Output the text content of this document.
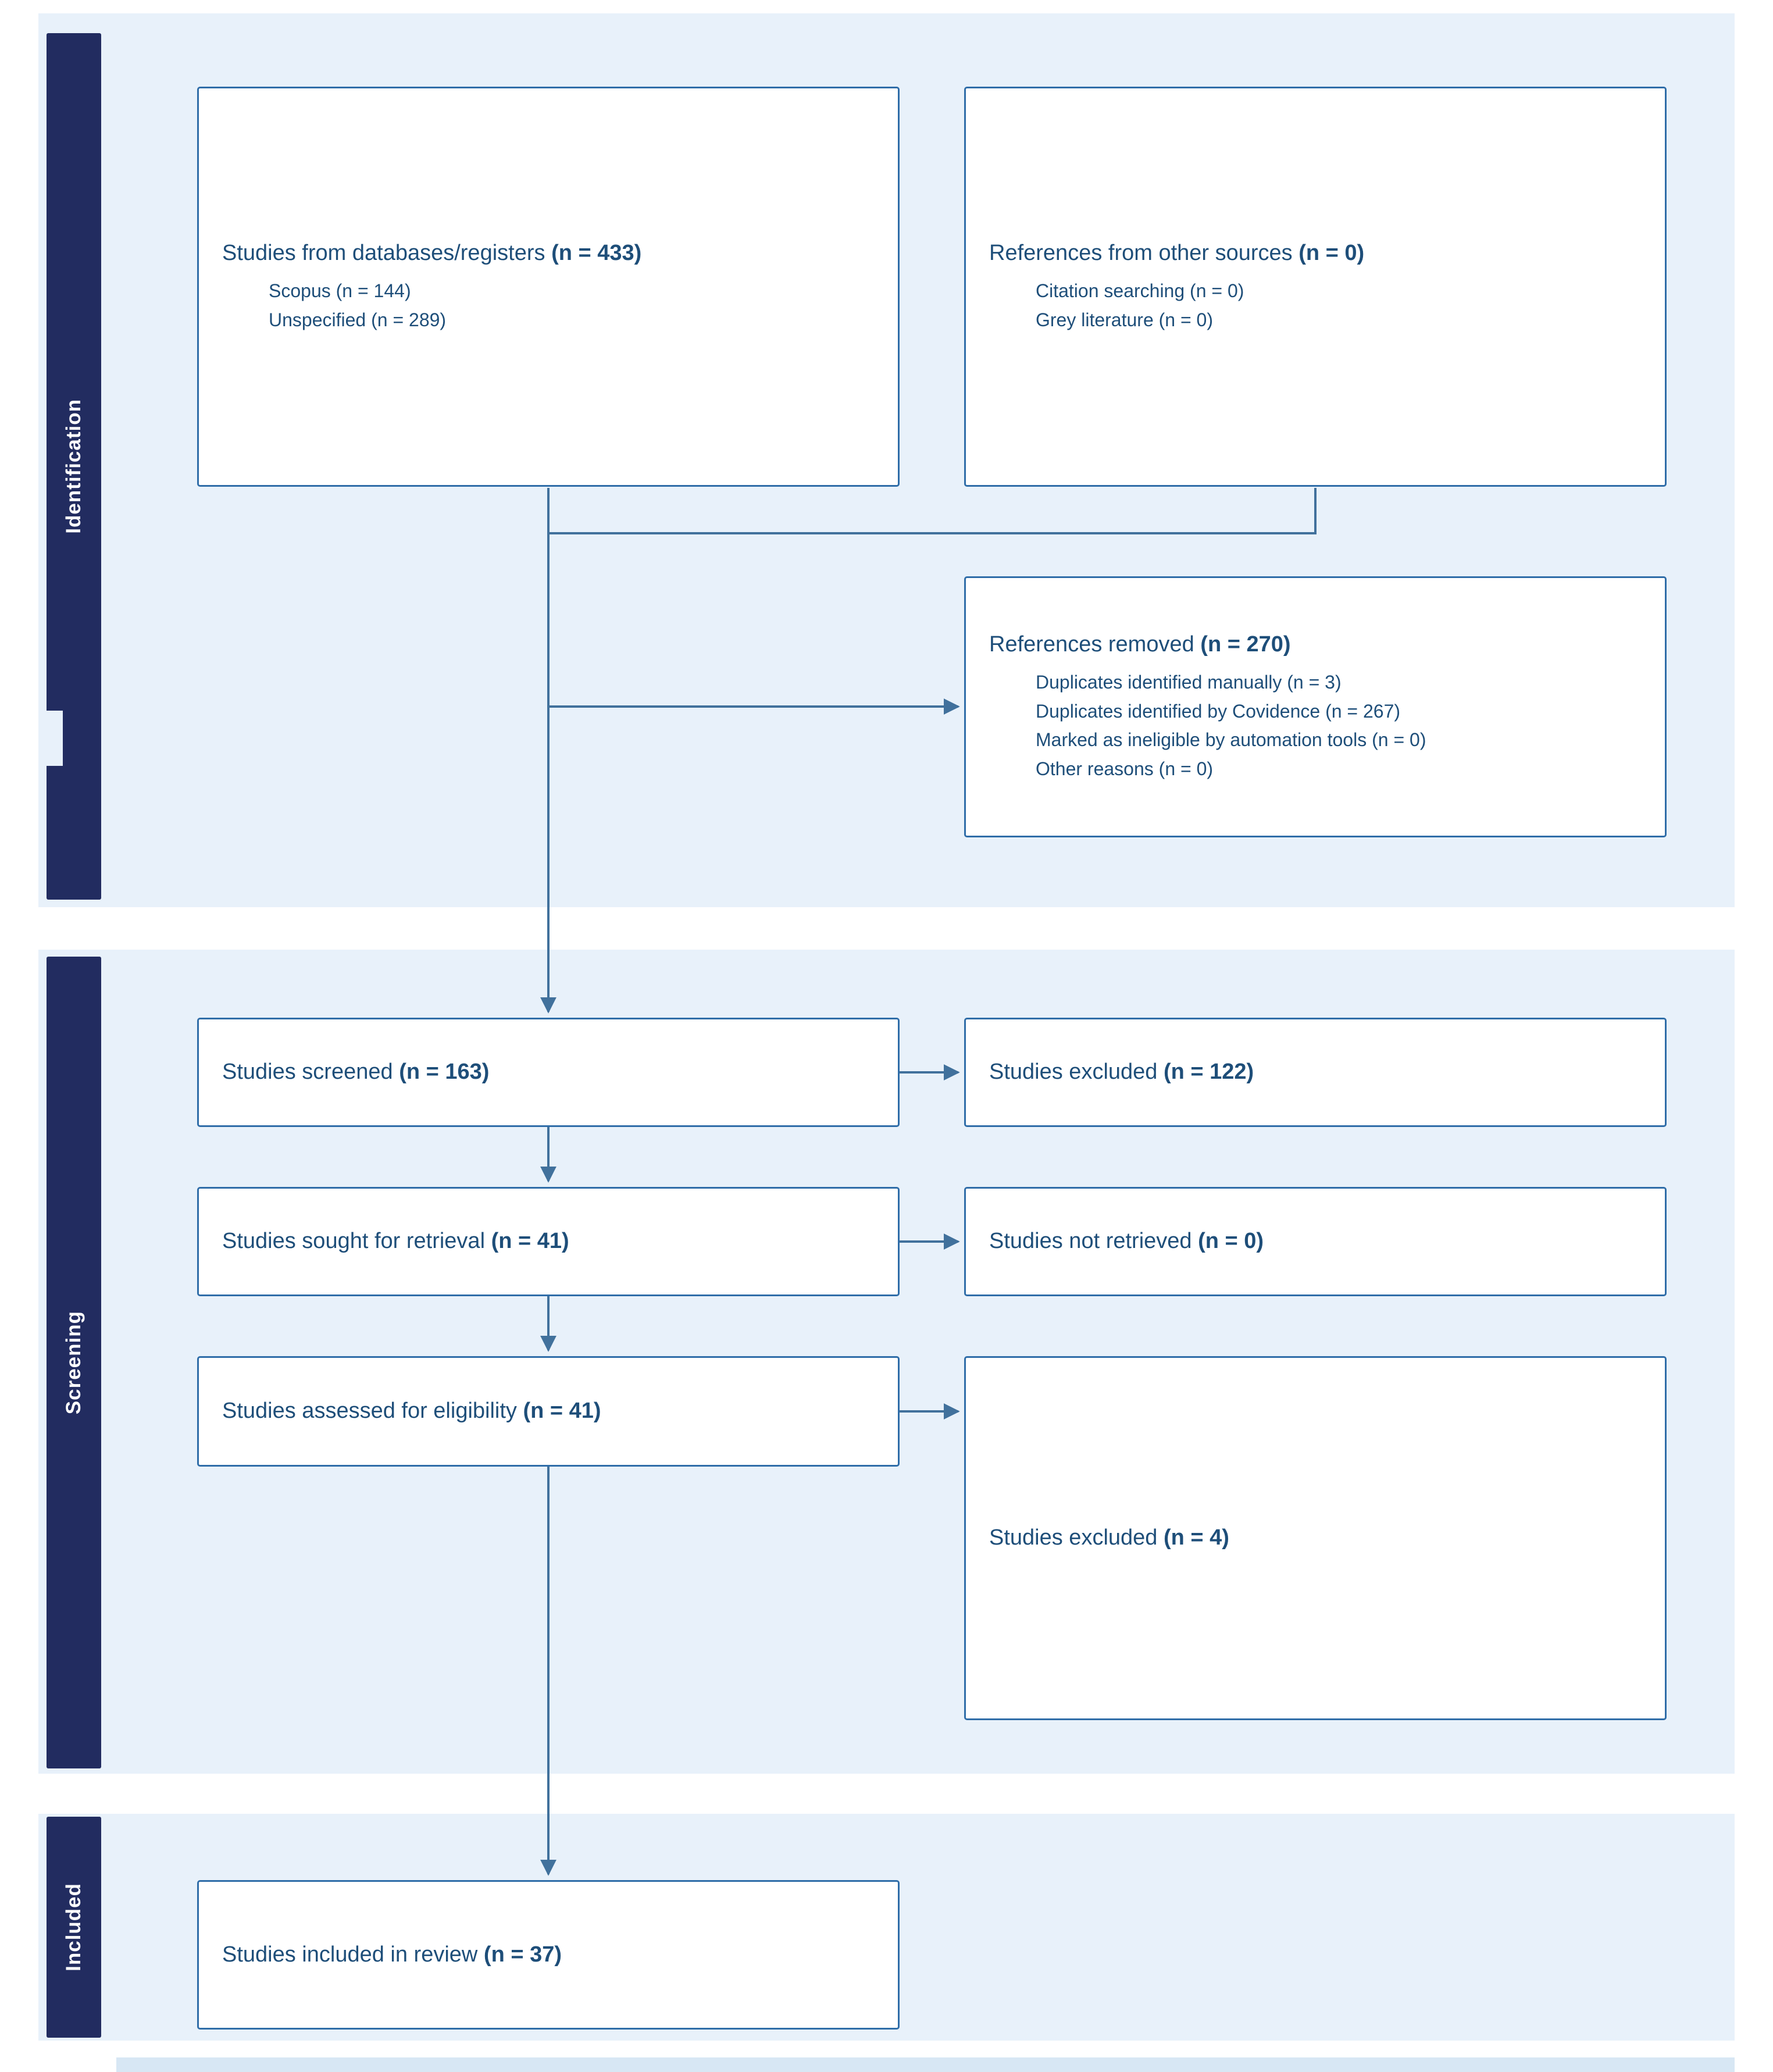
Identification
Screening
Included
Studies from databases/registers (n = 433)
Scopus (n = 144)
Unspecified (n = 289)
References from other sources (n = 0)
Citation searching (n = 0)
Grey literature (n = 0)
References removed (n = 270)
Duplicates identified manually (n = 3)
Duplicates identified by Covidence (n = 267)
Marked as ineligible by automation tools (n = 0)
Other reasons (n = 0)
Studies screened (n = 163)	Studies excluded (n = 122)
Studies sought for retrieval (n = 41)	Studies not retrieved (n = 0)
Studies assessed for eligibility (n = 41)
Studies excluded (n = 4)
Studies included in review (n = 37)
